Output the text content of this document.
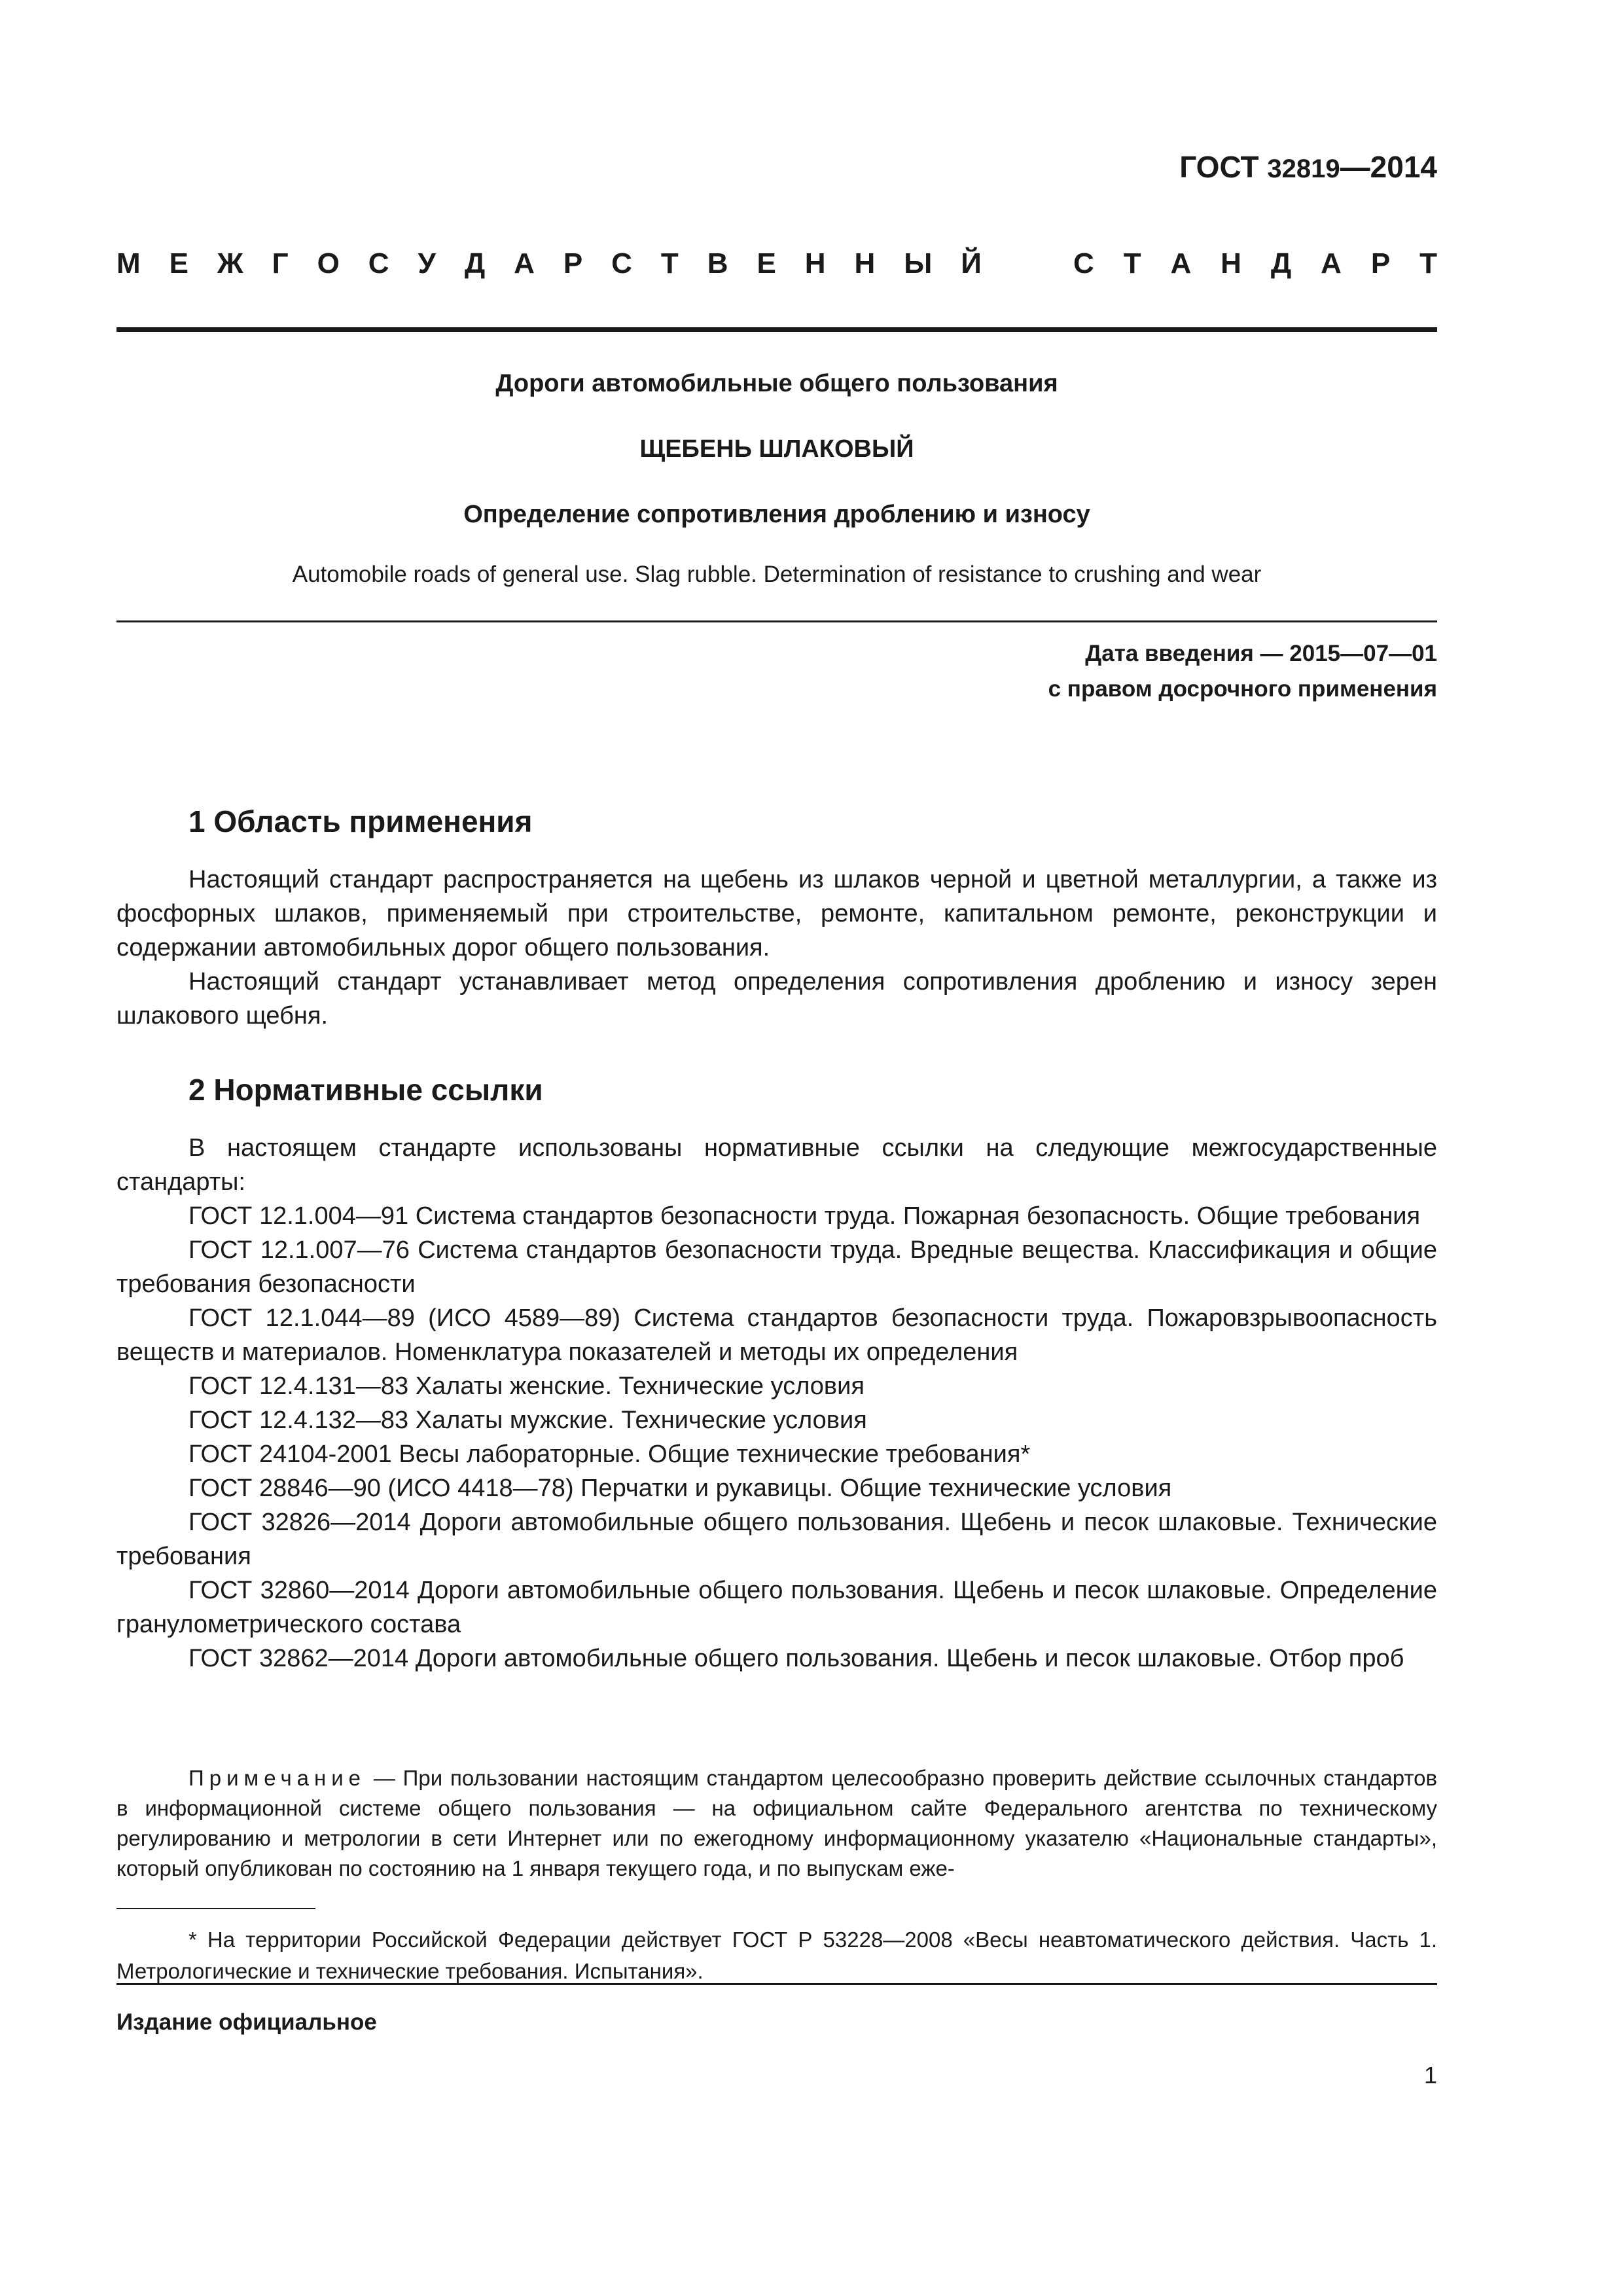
ГОСТ 32819—2014
М Е Ж Г О С У Д А Р С Т В Е Н Н Ы Й	С Т А Н Д А Р Т
Дороги автомобильные общего пользования
ЩЕБЕНЬ ШЛАКОВЫЙ
Определение сопротивления дроблению и износу
Automobile roads of general use. Slag rubble. Determination of resistance to crushing and wear
Дата введения — 2015—07—01
с правом досрочного применения
1 Область применения

Настоящий стандарт распространяется на щебень из шлаков черной и цветной металлургии, а также из фосфорных шлаков, применяемый при строительстве, ремонте, капитальном ремонте, реконструкции и содержании автомобильных дорог общего пользования.

Настоящий стандарт устанавливает метод определения сопротивления дроблению и износу зерен шлакового щебня.

2 Нормативные ссылки

В настоящем стандарте использованы нормативные ссылки на следующие межгосударственные стандарты:

ГОСТ 12.1.004—91 Система стандартов безопасности труда. Пожарная безопасность. Общие требования

ГОСТ 12.1.007—76 Система стандартов безопасности труда. Вредные вещества. Классификация и общие требования безопасности

ГОСТ 12.1.044—89 (ИСО 4589—89) Система стандартов безопасности труда. Пожаровзрывоопасность веществ и материалов. Номенклатура показателей и методы их определения

ГОСТ 12.4.131—83 Халаты женские. Технические условия

ГОСТ 12.4.132—83 Халаты мужские. Технические условия

ГОСТ 24104-2001 Весы лабораторные. Общие технические требования*

ГОСТ 28846—90 (ИСО 4418—78) Перчатки и рукавицы. Общие технические условия

ГОСТ 32826—2014 Дороги автомобильные общего пользования. Щебень и песок шлаковые. Технические требования

ГОСТ 32860—2014 Дороги автомобильные общего пользования. Щебень и песок шлаковые. Определение гранулометрического состава

ГОСТ 32862—2014 Дороги автомобильные общего пользования. Щебень и песок шлаковые. Отбор проб

Примечание — При пользовании настоящим стандартом целесообразно проверить действие ссылочных стандартов в информационной системе общего пользования — на официальном сайте Федерального агентства по техническому регулированию и метрологии в сети Интернет или по ежегодному информационному указателю «Национальные стандарты», который опубликован по состоянию на 1 января текущего года, и по выпускам еже-

* На территории Российской Федерации действует ГОСТ Р 53228—2008 «Весы неавтоматического действия. Часть 1. Метрологические и технические требования. Испытания».

Издание официальное
1
